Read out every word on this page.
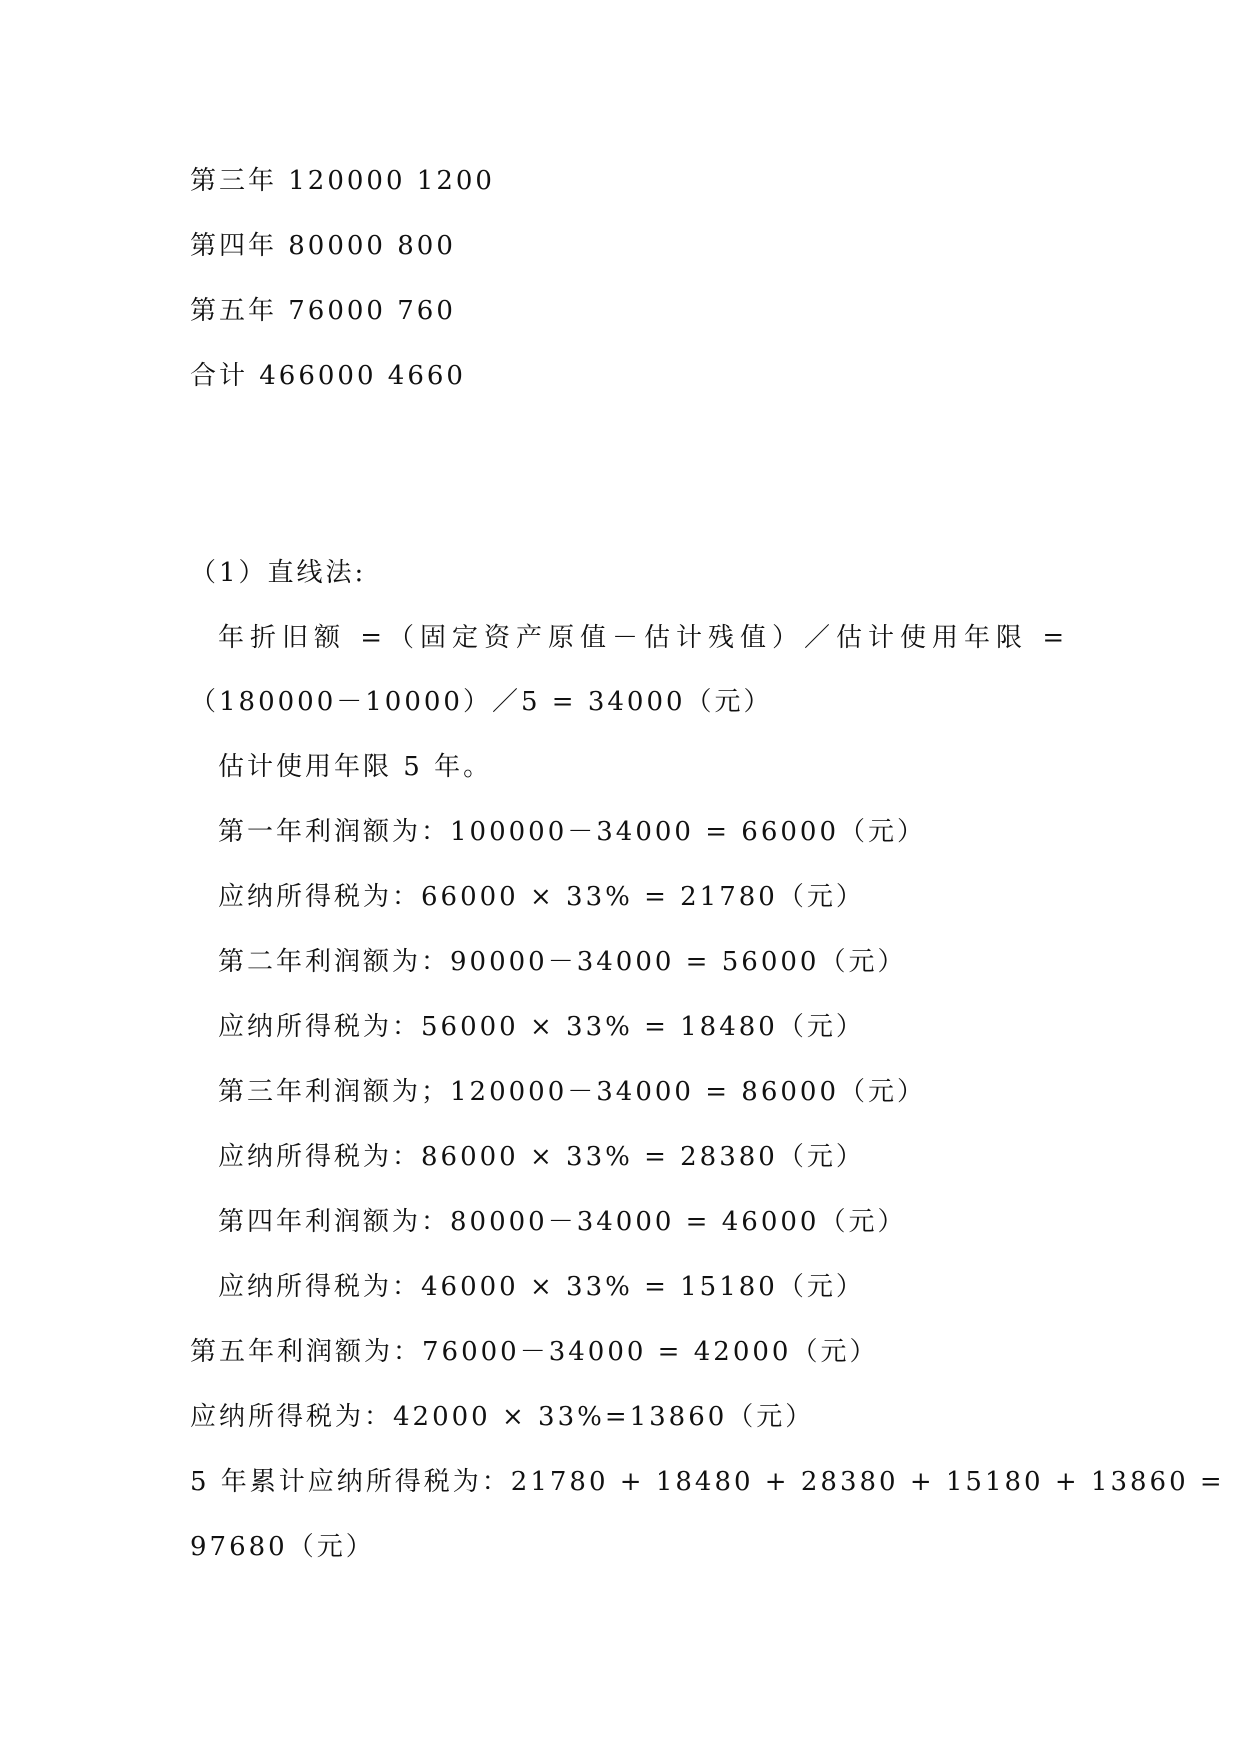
第三年 120000 1200
第四年 80000 800
第五年 76000 760
合计 466000 4660
（1）直线法:
年折旧额 =（固定资产原值－估计残值）／估计使用年限 =
（180000－10000）／5 = 34000（元）
估计使用年限 5 年。
第一年利润额为：100000－34000 = 66000（元）
应纳所得税为：66000 × 33% = 21780（元）
第二年利润额为：90000－34000 = 56000（元）
应纳所得税为：56000 × 33% = 18480（元）
第三年利润额为；120000－34000 = 86000（元）
应纳所得税为：86000 × 33% = 28380（元）
第四年利润额为：80000－34000 = 46000（元）
应纳所得税为：46000 × 33% = 15180（元）
第五年利润额为：76000－34000 = 42000（元）
应纳所得税为：42000 × 33%=13860（元）
5 年累计应纳所得税为：21780 + 18480 + 28380 + 15180 + 13860 =
97680（元）
